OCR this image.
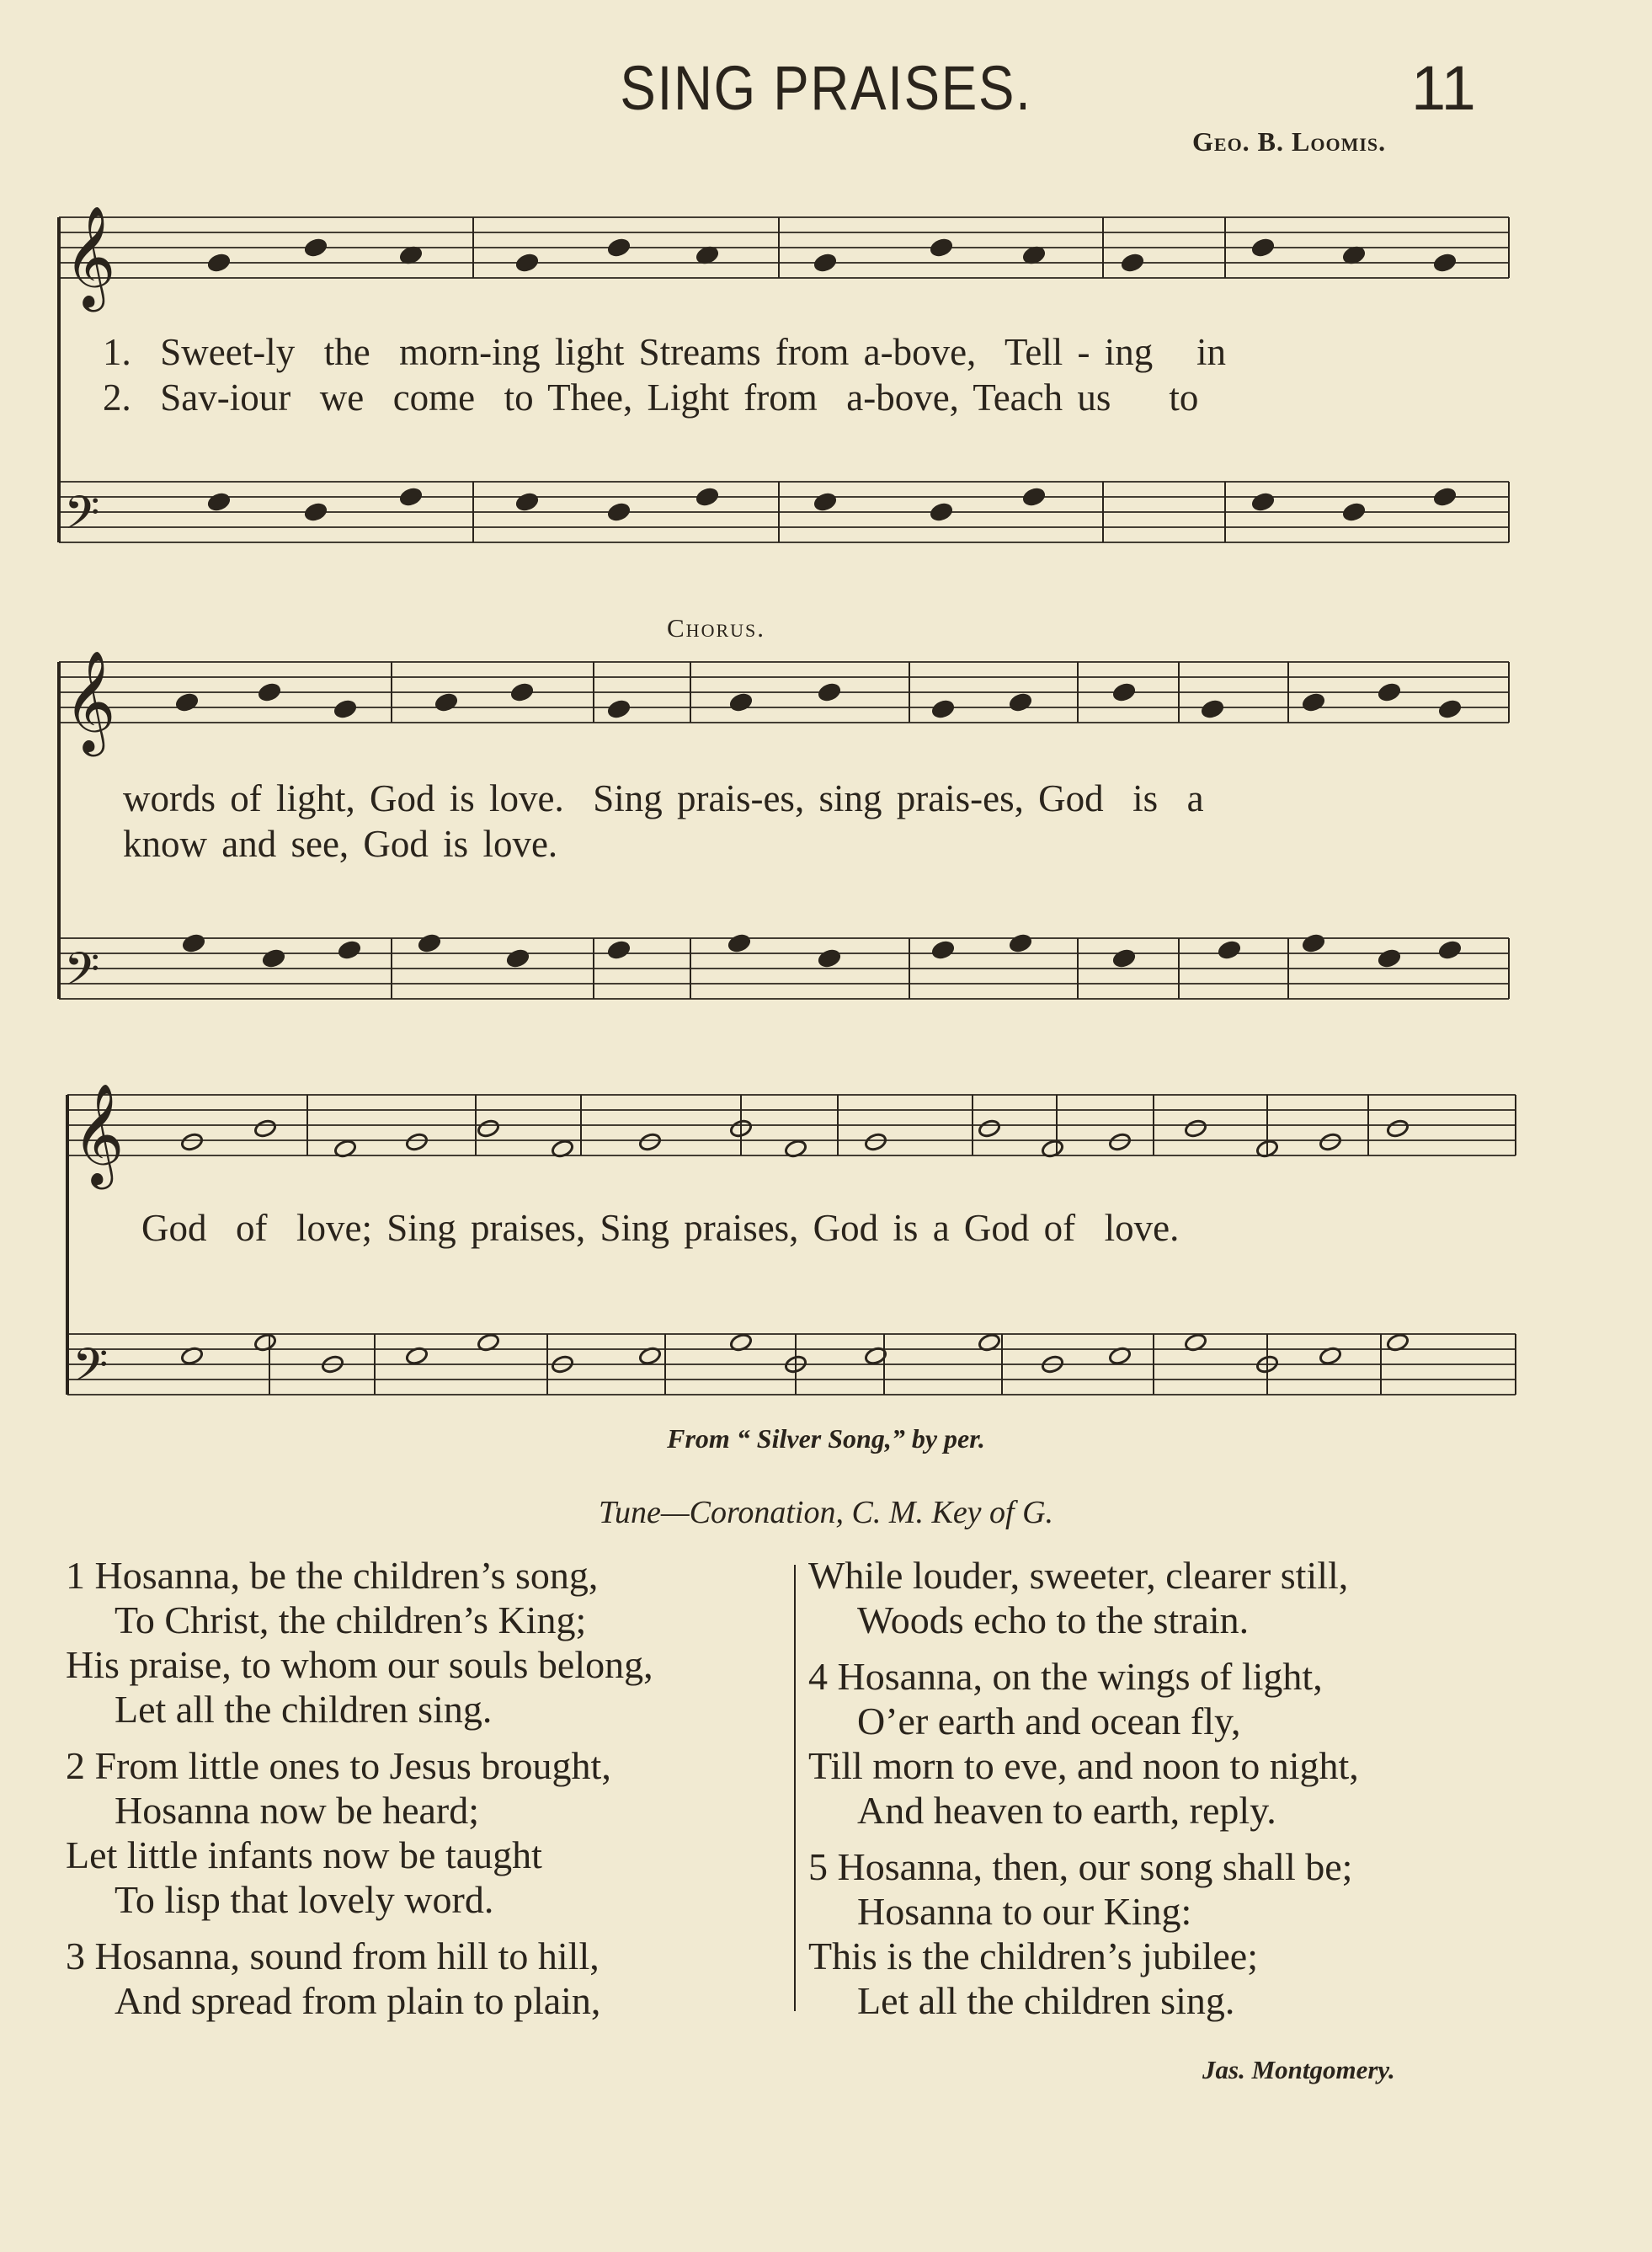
SING PRAISES.	11
Geo. B. Loomis.
𝄞
𝄢
𝄞
𝄢
𝄞
𝄢
1.  Sweet-ly  the  morn-ing light Streams from a-bove,  Tell - ing   in
2.  Sav-iour  we  come  to Thee, Light from  a-bove, Teach us    to
Chorus.
words of light, God is love.  Sing prais-es, sing prais-es, God  is  a
know and see, God is love.
God  of  love; Sing praises, Sing praises, God is a God of  love.
From “ Silver Song,” by per.
Tune—Coronation, C. M. Key of G.
1 Hosanna, be the children’s song,
To Christ, the children’s King;
His praise, to whom our souls belong,
Let all the children sing.
2 From little ones to Jesus brought,
Hosanna now be heard;
Let little infants now be taught
To lisp that lovely word.
3 Hosanna, sound from hill to hill,
And spread from plain to plain,
While louder, sweeter, clearer still,
Woods echo to the strain.
4 Hosanna, on the wings of light,
O’er earth and ocean fly,
Till morn to eve, and noon to night,
And heaven to earth, reply.
5 Hosanna, then, our song shall be;
Hosanna to our King:
This is the children’s jubilee;
Let all the children sing.
Jas. Montgomery.
